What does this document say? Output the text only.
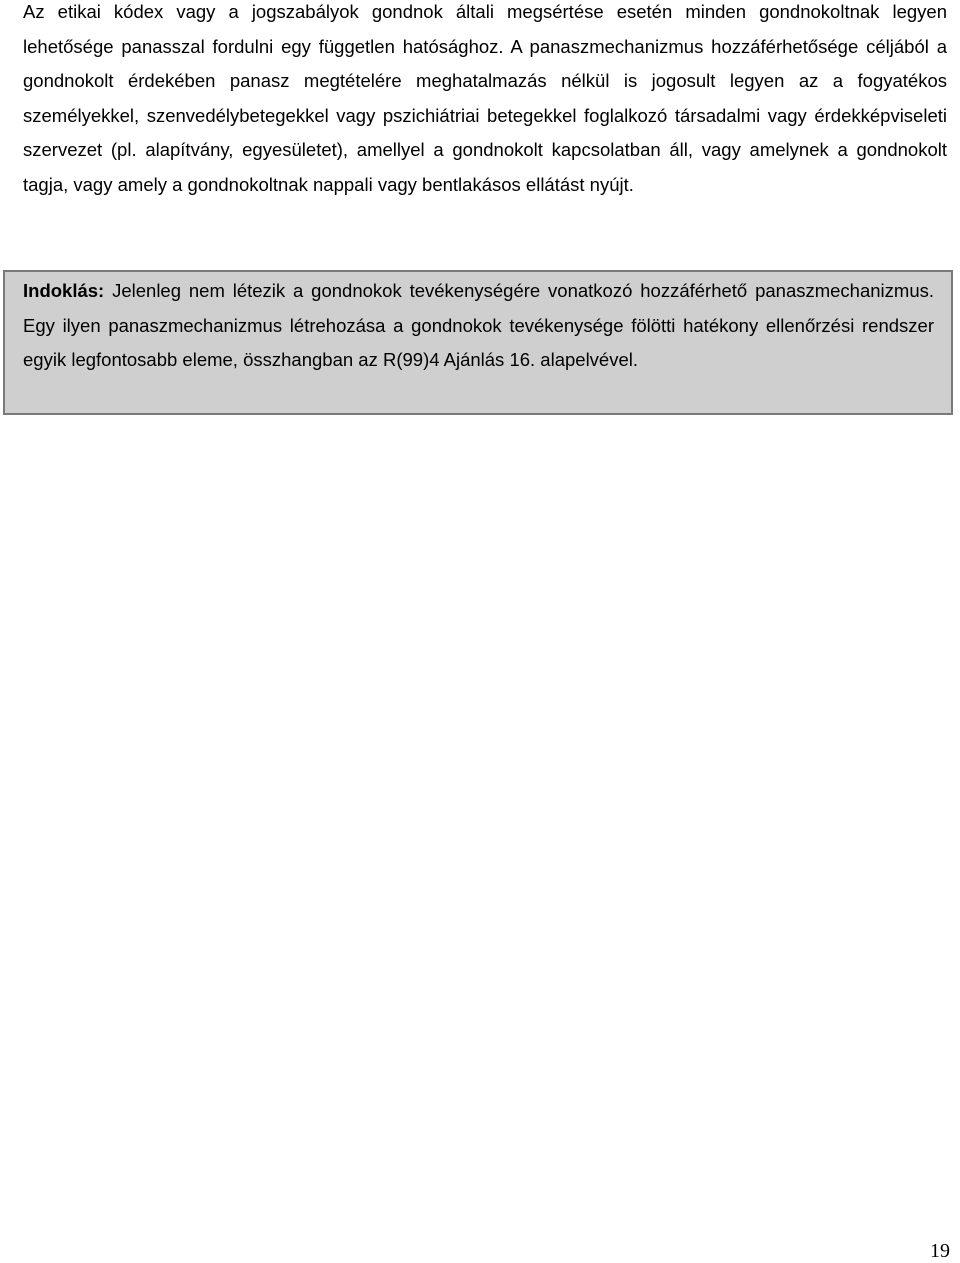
Az etikai kódex vagy a jogszabályok gondnok általi megsértése esetén minden gondnokoltnak legyen lehetősége panasszal fordulni egy független hatósághoz. A panaszmechanizmus hozzáférhetősége céljából a gondnokolt érdekében panasz megtételére meghatalmazás nélkül is jogosult legyen az a fogyatékos személyekkel, szenvedélybetegekkel vagy pszichiátriai betegekkel foglalkozó társadalmi vagy érdekképviseleti szervezet (pl. alapítvány, egyesületet), amellyel a gondnokolt kapcsolatban áll, vagy amelynek a gondnokolt tagja, vagy amely a gondnokoltnak nappali vagy bentlakásos ellátást nyújt.

Indoklás: Jelenleg nem létezik a gondnokok tevékenységére vonatkozó hozzáférhető panaszmechanizmus. Egy ilyen panaszmechanizmus létrehozása a gondnokok tevékenysége fölötti hatékony ellenőrzési rendszer egyik legfontosabb eleme, összhangban az R(99)4 Ajánlás 16. alapelvével.

19
